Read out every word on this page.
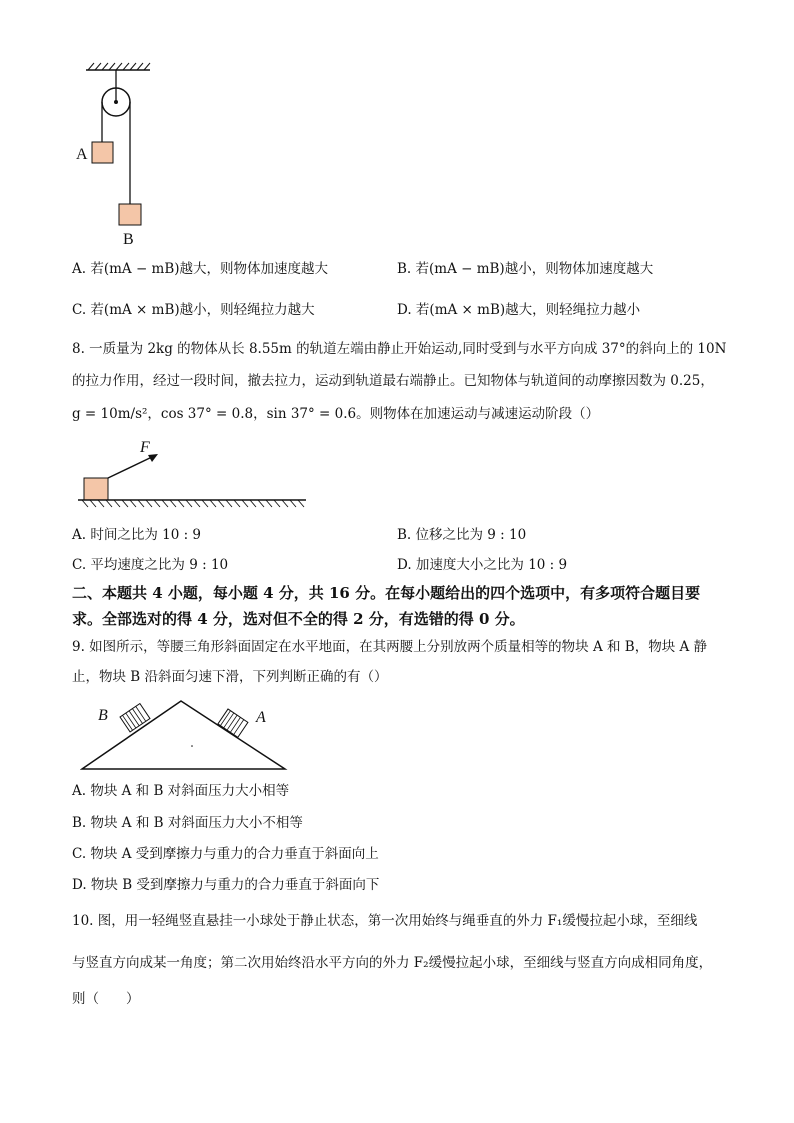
A
B
A. 若(mA − mB)越大，则物体加速度越大	B. 若(mA − mB)越小，则物体加速度越大
C. 若(mA × mB)越小，则轻绳拉力越大	D. 若(mA × mB)越大，则轻绳拉力越小
8. 一质量为 2kg 的物体从长 8.55m 的轨道左端由静止开始运动,同时受到与水平方向成 37°的斜向上的 10N
的拉力作用，经过一段时间，撤去拉力，运动到轨道最右端静止。已知物体与轨道间的动摩擦因数为 0.25，
g = 10m/s²，cos 37° = 0.8，sin 37° = 0.6。则物体在加速运动与减速运动阶段（）
F
A. 时间之比为 10 : 9	B. 位移之比为 9 : 10
C. 平均速度之比为 9 : 10	D. 加速度大小之比为 10 : 9
二、本题共 4 小题，每小题 4 分，共 16 分。在每小题给出的四个选项中，有多项符合题目要
求。全部选对的得 4 分，选对但不全的得 2 分，有选错的得 0 分。
9. 如图所示，等腰三角形斜面固定在水平地面，在其两腰上分别放两个质量相等的物块 A 和 B，物块 A 静
止，物块 B 沿斜面匀速下滑，下列判断正确的有（）
B	A
A. 物块 A 和 B 对斜面压力大小相等
B. 物块 A 和 B 对斜面压力大小不相等
C. 物块 A 受到摩擦力与重力的合力垂直于斜面向上
D. 物块 B 受到摩擦力与重力的合力垂直于斜面向下
10. 图，用一轻绳竖直悬挂一小球处于静止状态，第一次用始终与绳垂直的外力 F₁缓慢拉起小球，至细线
与竖直方向成某一角度；第二次用始终沿水平方向的外力 F₂缓慢拉起小球，至细线与竖直方向成相同角度，
则（　　）
